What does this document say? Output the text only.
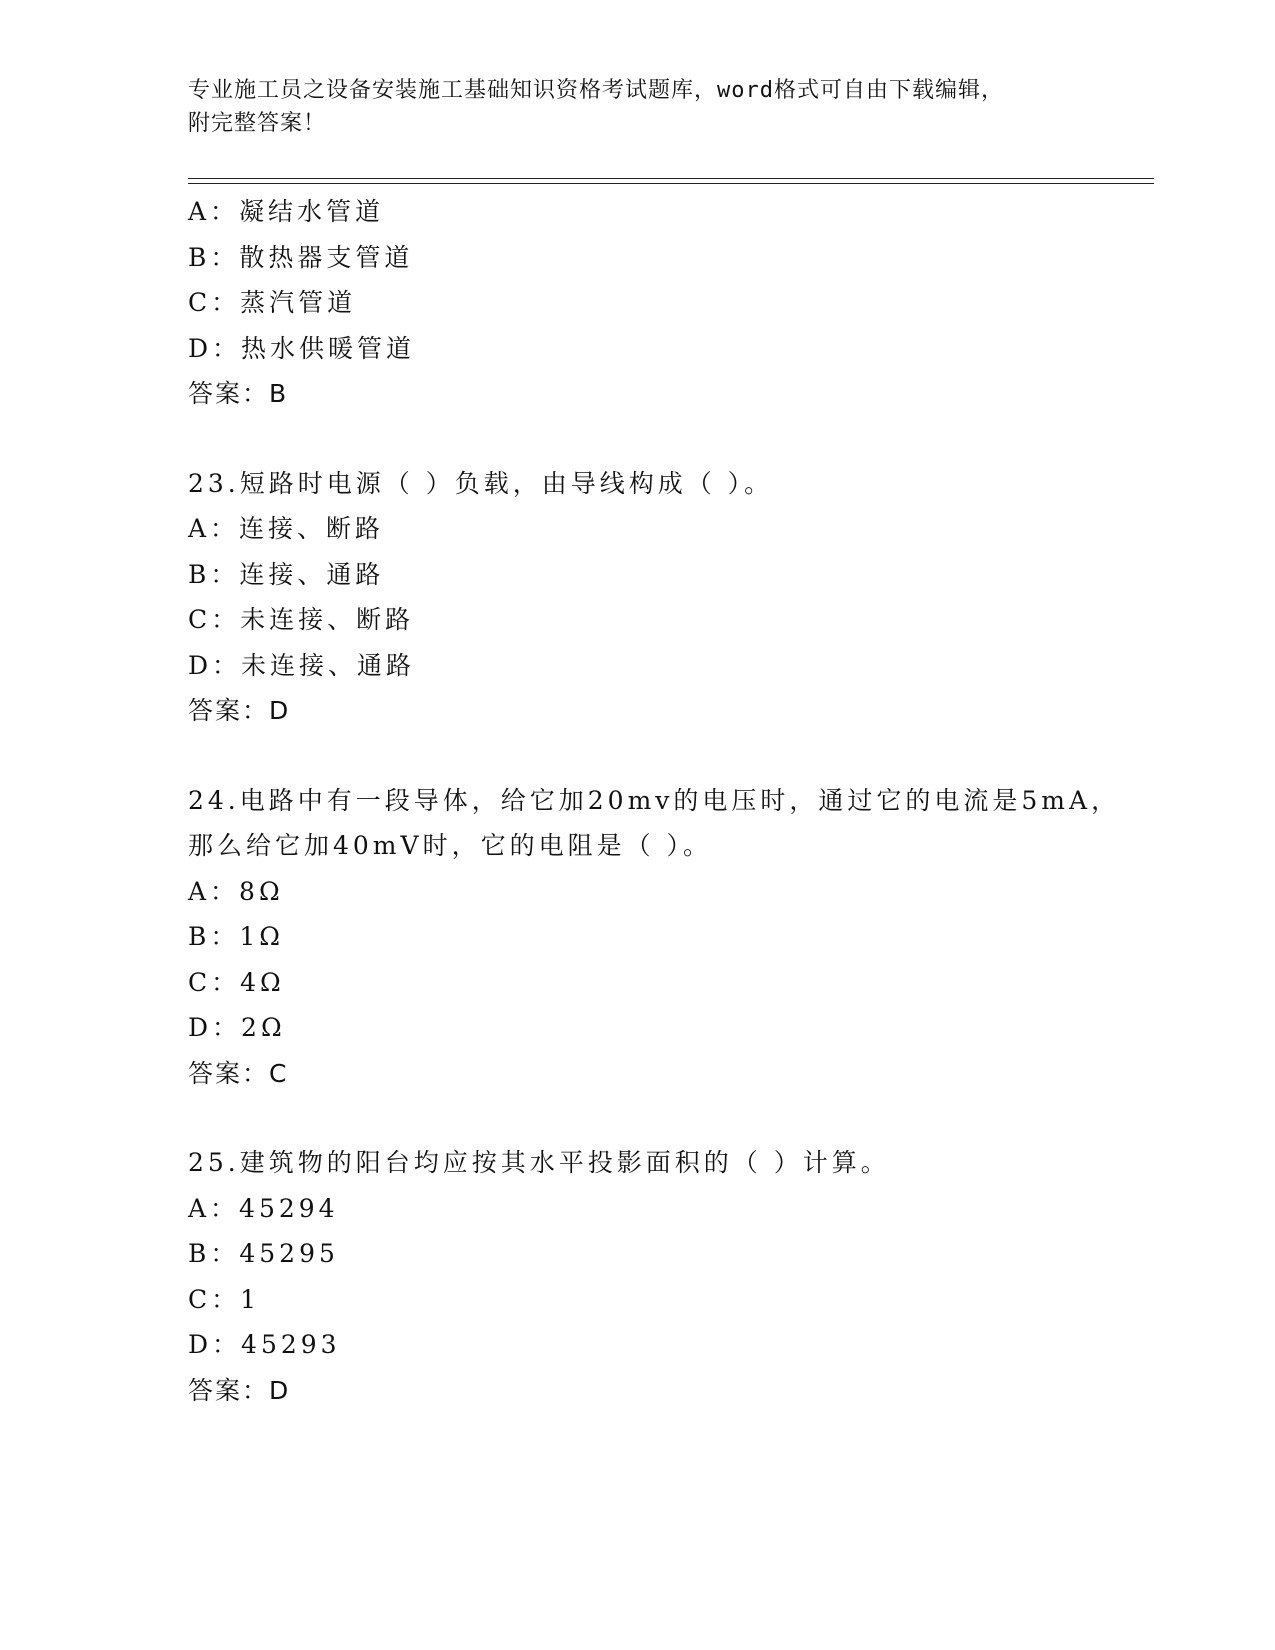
专业施工员之设备安装施工基础知识资格考试题库，word格式可自由下载编辑，
附完整答案！
A：凝结水管道
B：散热器支管道
C：蒸汽管道
D：热水供暖管道
答案：B
23.短路时电源（ ）负载，由导线构成（ ）。
A：连接、断路
B：连接、通路
C：未连接、断路
D：未连接、通路
答案：D
24.电路中有一段导体，给它加20mv的电压时，通过它的电流是5mA，
那么给它加40mV时，它的电阻是（ ）。
A：8Ω
B：1Ω
C：4Ω
D：2Ω
答案：C
25.建筑物的阳台均应按其水平投影面积的（ ）计算。
A：45294
B：45295
C：1
D：45293
答案：D
